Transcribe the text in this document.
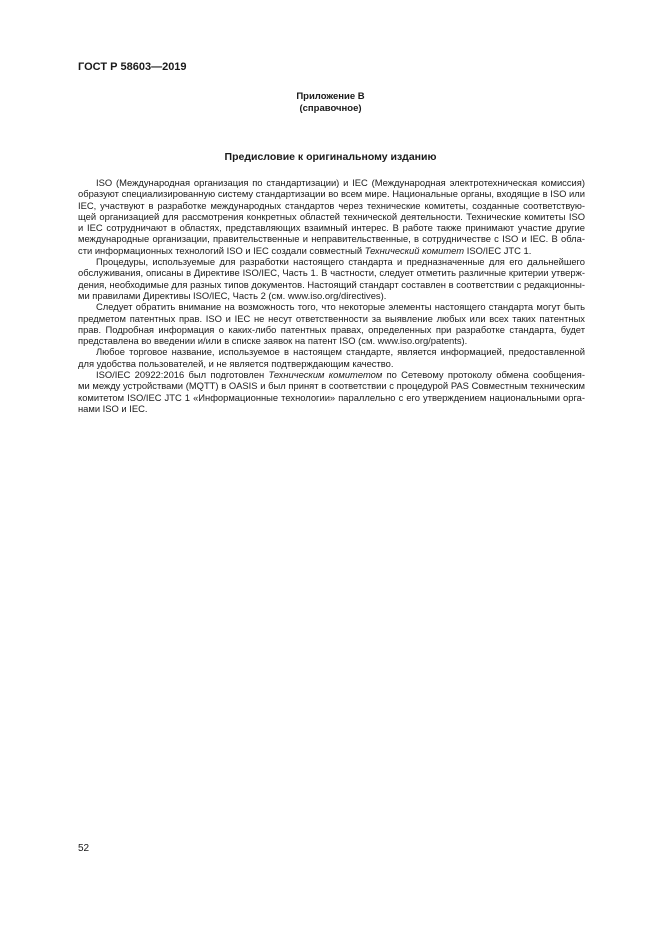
ГОСТ Р 58603—2019
Приложение В
(справочное)
Предисловие к оригинальному изданию
ISO (Международная организация по стандартизации) и IEC (Международная электротехническая комиссия)
образуют специализированную систему стандартизации во всем мире. Национальные органы, входящие в ISO или
IEC, участвуют в разработке международных стандартов через технические комитеты, созданные соответствую-
щей организацией для рассмотрения конкретных областей технической деятельности. Технические комитеты ISO
и IEC сотрудничают в областях, представляющих взаимный интерес. В работе также принимают участие другие
международные организации, правительственные и неправительственные, в сотрудничестве с ISO и IEC. В обла-
сти информационных технологий ISO и IEC создали совместный Технический комитет ISO/IEC JTC 1.
Процедуры, используемые для разработки настоящего стандарта и предназначенные для его дальнейшего
обслуживания, описаны в Директиве ISO/IEC, Часть 1. В частности, следует отметить различные критерии утверж-
дения, необходимые для разных типов документов. Настоящий стандарт составлен в соответствии с редакционны-
ми правилами Директивы ISO/IEC, Часть 2 (см. www.iso.org/directives).
Следует обратить внимание на возможность того, что некоторые элементы настоящего стандарта могут быть
предметом патентных прав. ISO и IEC не несут ответственности за выявление любых или всех таких патентных
прав. Подробная информация о каких-либо патентных правах, определенных при разработке стандарта, будет
представлена во введении и/или в списке заявок на патент ISO (см. www.iso.org/patents).
Любое торговое название, используемое в настоящем стандарте, является информацией, предоставленной
для удобства пользователей, и не является подтверждающим качество.
ISO/IEC 20922:2016 был подготовлен Техническим комитетом по Сетевому протоколу обмена сообщения-
ми между устройствами (MQTT) в OASIS и был принят в соответствии с процедурой PAS Совместным техническим
комитетом ISO/IEC JTC 1 «Информационные технологии» параллельно с его утверждением национальными орга-
нами ISO и IEC.
52
